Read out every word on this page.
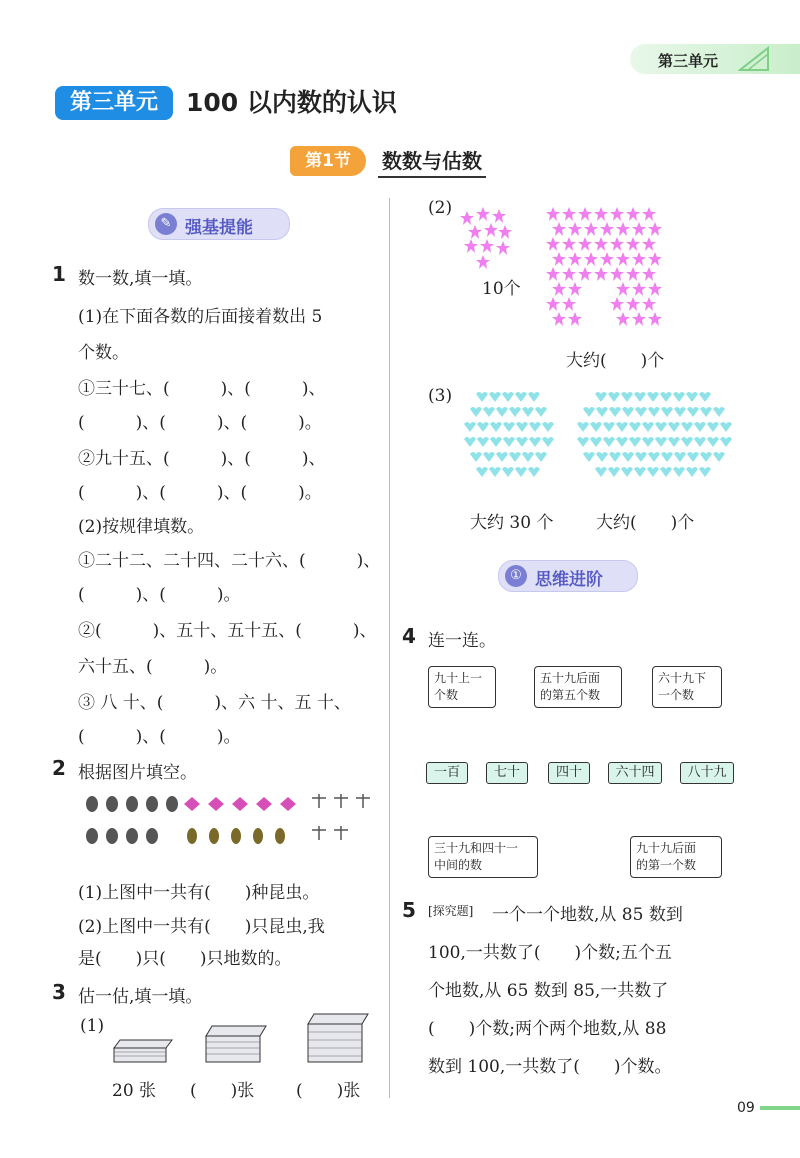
第三单元
第三单元	100 以内数的认识
第1节	数数与估数
✎ 强基提能
1 数一数,填一填。
(1)在下面各数的后面接着数出 5
个数。
①三十七、(　　　)、(　　　)、
(　　　)、(　　　)、(　　　)。
②九十五、(　　　)、(　　　)、
(　　　)、(　　　)、(　　　)。
(2)按规律填数。
①二十二、二十四、二十六、(　　　)、
(　　　)、(　　　)。
②(　　　)、五十、五十五、(　　　)、
六十五、(　　　)。
③ 八 十、(　　　)、六 十、五 十、
(　　　)、(　　　)。
2 根据图片填空。
(1)上图中一共有(　　)种昆虫。
(2)上图中一共有(　　)只昆虫,我
是(　　)只(　　)只地数的。
3 估一估,填一填。
(1)
20 张 (　　)张 (　　)张
(2)
10个
大约(　　)个
(3)
大约 30 个	大约(　　)个
① 思维进阶
4 连一连。
九十上一
个数
五十九后面
的第五个数
六十九下
一个数
一百	七十	四十	六十四	八十九
三十九和四十一
中间的数
九十九后面
的第一个数
5 [探究题] 一个一个地数,从 85 数到
100,一共数了(　　)个数;五个五
个地数,从 65 数到 85,一共数了
(　　)个数;两个两个地数,从 88
数到 100,一共数了(　　)个数。
09
